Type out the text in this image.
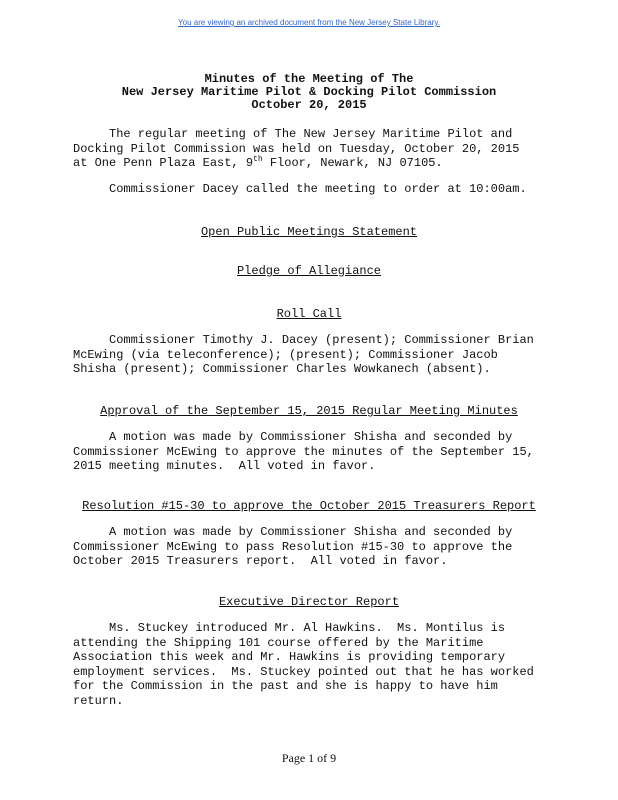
You are viewing an archived document from the New Jersey State Library.
Minutes of the Meeting of The
New Jersey Maritime Pilot & Docking Pilot Commission
October 20, 2015
The regular meeting of The New Jersey Maritime Pilot and
Docking Pilot Commission was held on Tuesday, October 20, 2015
at One Penn Plaza East, 9th Floor, Newark, NJ 07105.
Commissioner Dacey called the meeting to order at 10:00am.
Open Public Meetings Statement
Pledge of Allegiance
Roll Call
Commissioner Timothy J. Dacey (present); Commissioner Brian
McEwing (via teleconference); (present); Commissioner Jacob
Shisha (present); Commissioner Charles Wowkanech (absent).
Approval of the September 15, 2015 Regular Meeting Minutes
A motion was made by Commissioner Shisha and seconded by
Commissioner McEwing to approve the minutes of the September 15,
2015 meeting minutes.  All voted in favor.
Resolution #15-30 to approve the October 2015 Treasurers Report
A motion was made by Commissioner Shisha and seconded by
Commissioner McEwing to pass Resolution #15-30 to approve the
October 2015 Treasurers report.  All voted in favor.
Executive Director Report
Ms. Stuckey introduced Mr. Al Hawkins.  Ms. Montilus is
attending the Shipping 101 course offered by the Maritime
Association this week and Mr. Hawkins is providing temporary
employment services.  Ms. Stuckey pointed out that he has worked
for the Commission in the past and she is happy to have him
return.
Page 1 of 9
